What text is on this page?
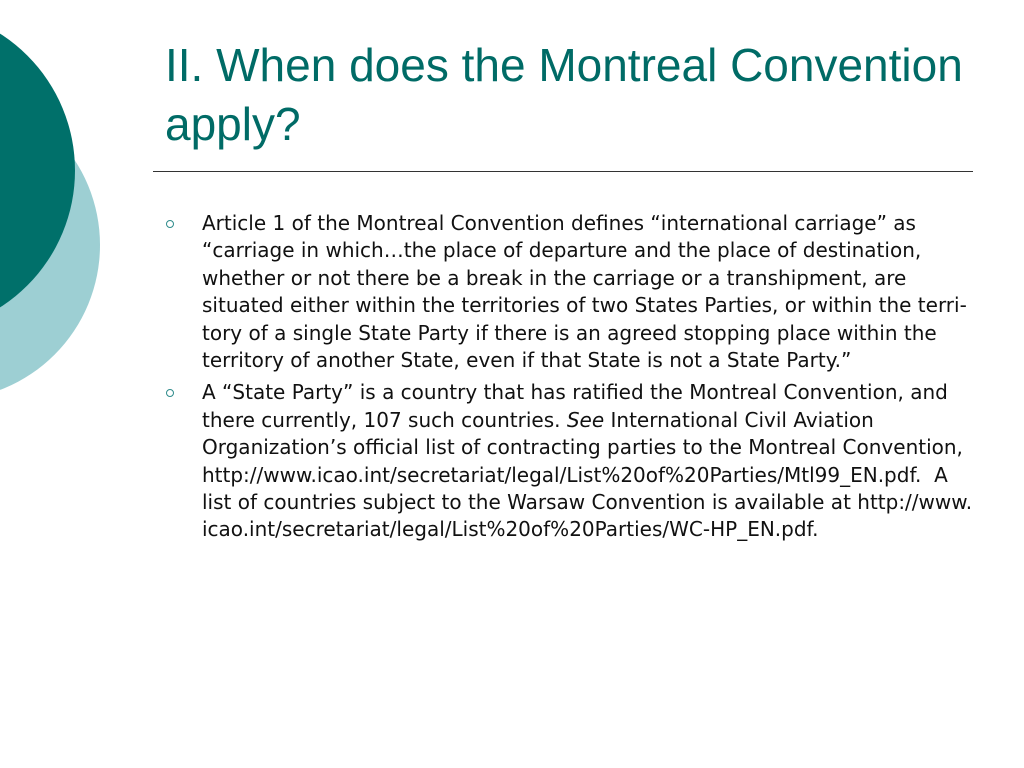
II. When does the Montreal Convention apply?
Article 1 of the Montreal Convention defines “international carriage” as “carriage in which…the place of departure and the place of destination, whether or not there be a break in the carriage or a transhipment, are situated either within the territories of two States Parties, or within the terri-tory of a single State Party if there is an agreed stopping place within the territory of another State, even if that State is not a State Party.”
A “State Party” is a country that has ratified the Montreal Convention, and there currently, 107 such countries. See International Civil Aviation Organization’s official list of contracting parties to the Montreal Convention, http://www.icao.int/secretariat/legal/List%20of%20Parties/Mtl99_EN.pdf. A list of countries subject to the Warsaw Convention is available at http://www.icao.int/secretariat/legal/List%20of%20Parties/WC-HP_EN.pdf.
